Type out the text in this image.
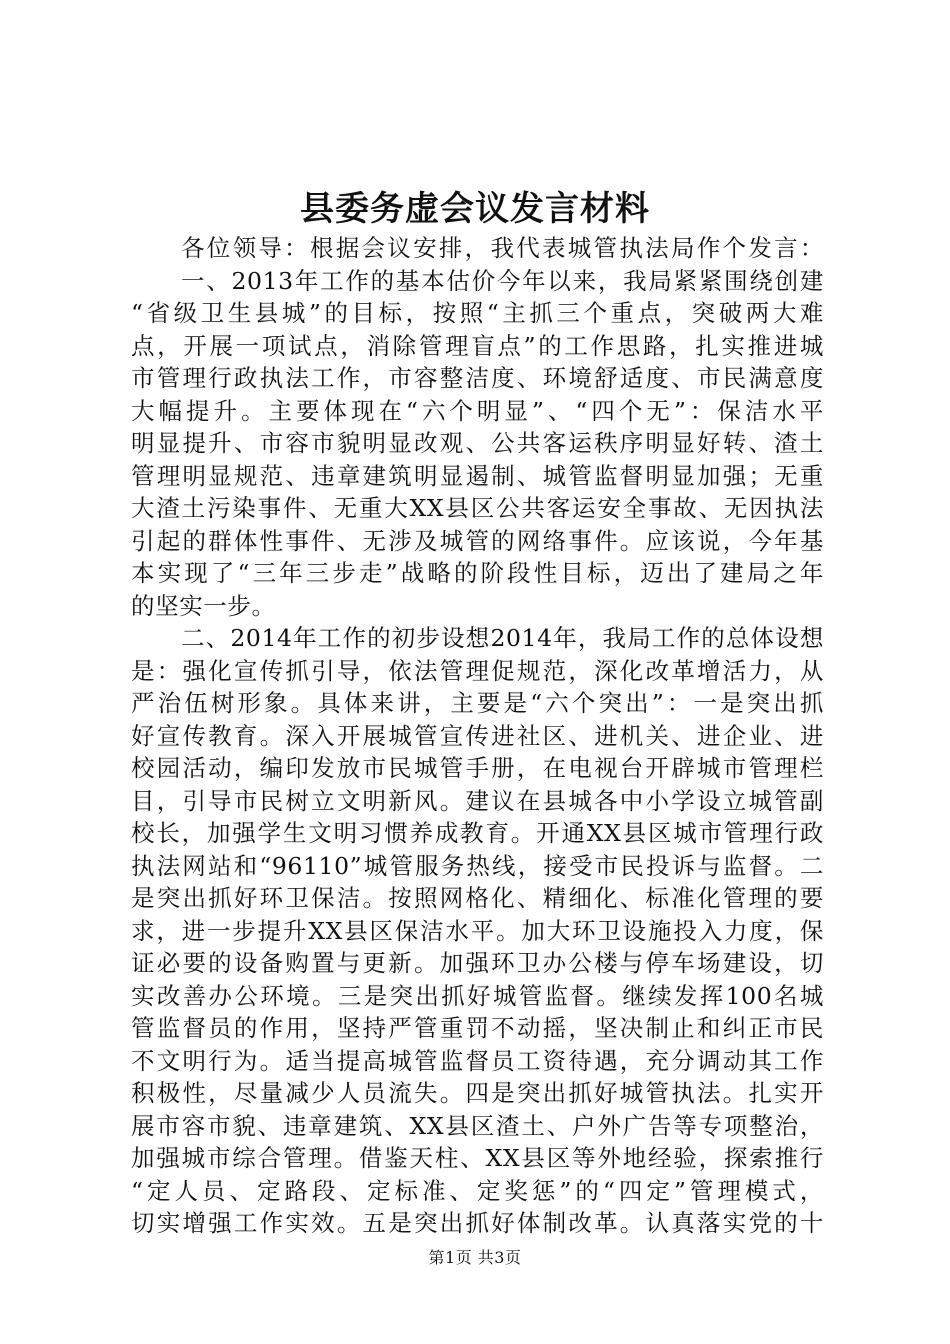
县委务虚会议发言材料
各位领导：根据会议安排，我代表城管执法局作个发言：
一、2013年工作的基本估价今年以来，我局紧紧围绕创建
“省级卫生县城”的目标，按照“主抓三个重点，突破两大难
点，开展一项试点，消除管理盲点”的工作思路，扎实推进城
市管理行政执法工作，市容整洁度、环境舒适度、市民满意度
大幅提升。主要体现在“六个明显”、“四个无”：保洁水平
明显提升、市容市貌明显改观、公共客运秩序明显好转、渣土
管理明显规范、违章建筑明显遏制、城管监督明显加强；无重
大渣土污染事件、无重大XX县区公共客运安全事故、无因执法
引起的群体性事件、无涉及城管的网络事件。应该说，今年基
本实现了“三年三步走”战略的阶段性目标，迈出了建局之年
的坚实一步。
二、2014年工作的初步设想2014年，我局工作的总体设想
是：强化宣传抓引导，依法管理促规范，深化改革增活力，从
严治伍树形象。具体来讲，主要是“六个突出”：一是突出抓
好宣传教育。深入开展城管宣传进社区、进机关、进企业、进
校园活动，编印发放市民城管手册，在电视台开辟城市管理栏
目，引导市民树立文明新风。建议在县城各中小学设立城管副
校长，加强学生文明习惯养成教育。开通XX县区城市管理行政
执法网站和“96110”城管服务热线，接受市民投诉与监督。二
是突出抓好环卫保洁。按照网格化、精细化、标准化管理的要
求，进一步提升XX县区保洁水平。加大环卫设施投入力度，保
证必要的设备购置与更新。加强环卫办公楼与停车场建设，切
实改善办公环境。三是突出抓好城管监督。继续发挥100名城
管监督员的作用，坚持严管重罚不动摇，坚决制止和纠正市民
不文明行为。适当提高城管监督员工资待遇，充分调动其工作
积极性，尽量减少人员流失。四是突出抓好城管执法。扎实开
展市容市貌、违章建筑、XX县区渣土、户外广告等专项整治，
加强城市综合管理。借鉴天柱、XX县区等外地经验，探索推行
“定人员、定路段、定标准、定奖惩”的“四定”管理模式，
切实增强工作实效。五是突出抓好体制改革。认真落实党的十
第1页 共3页
